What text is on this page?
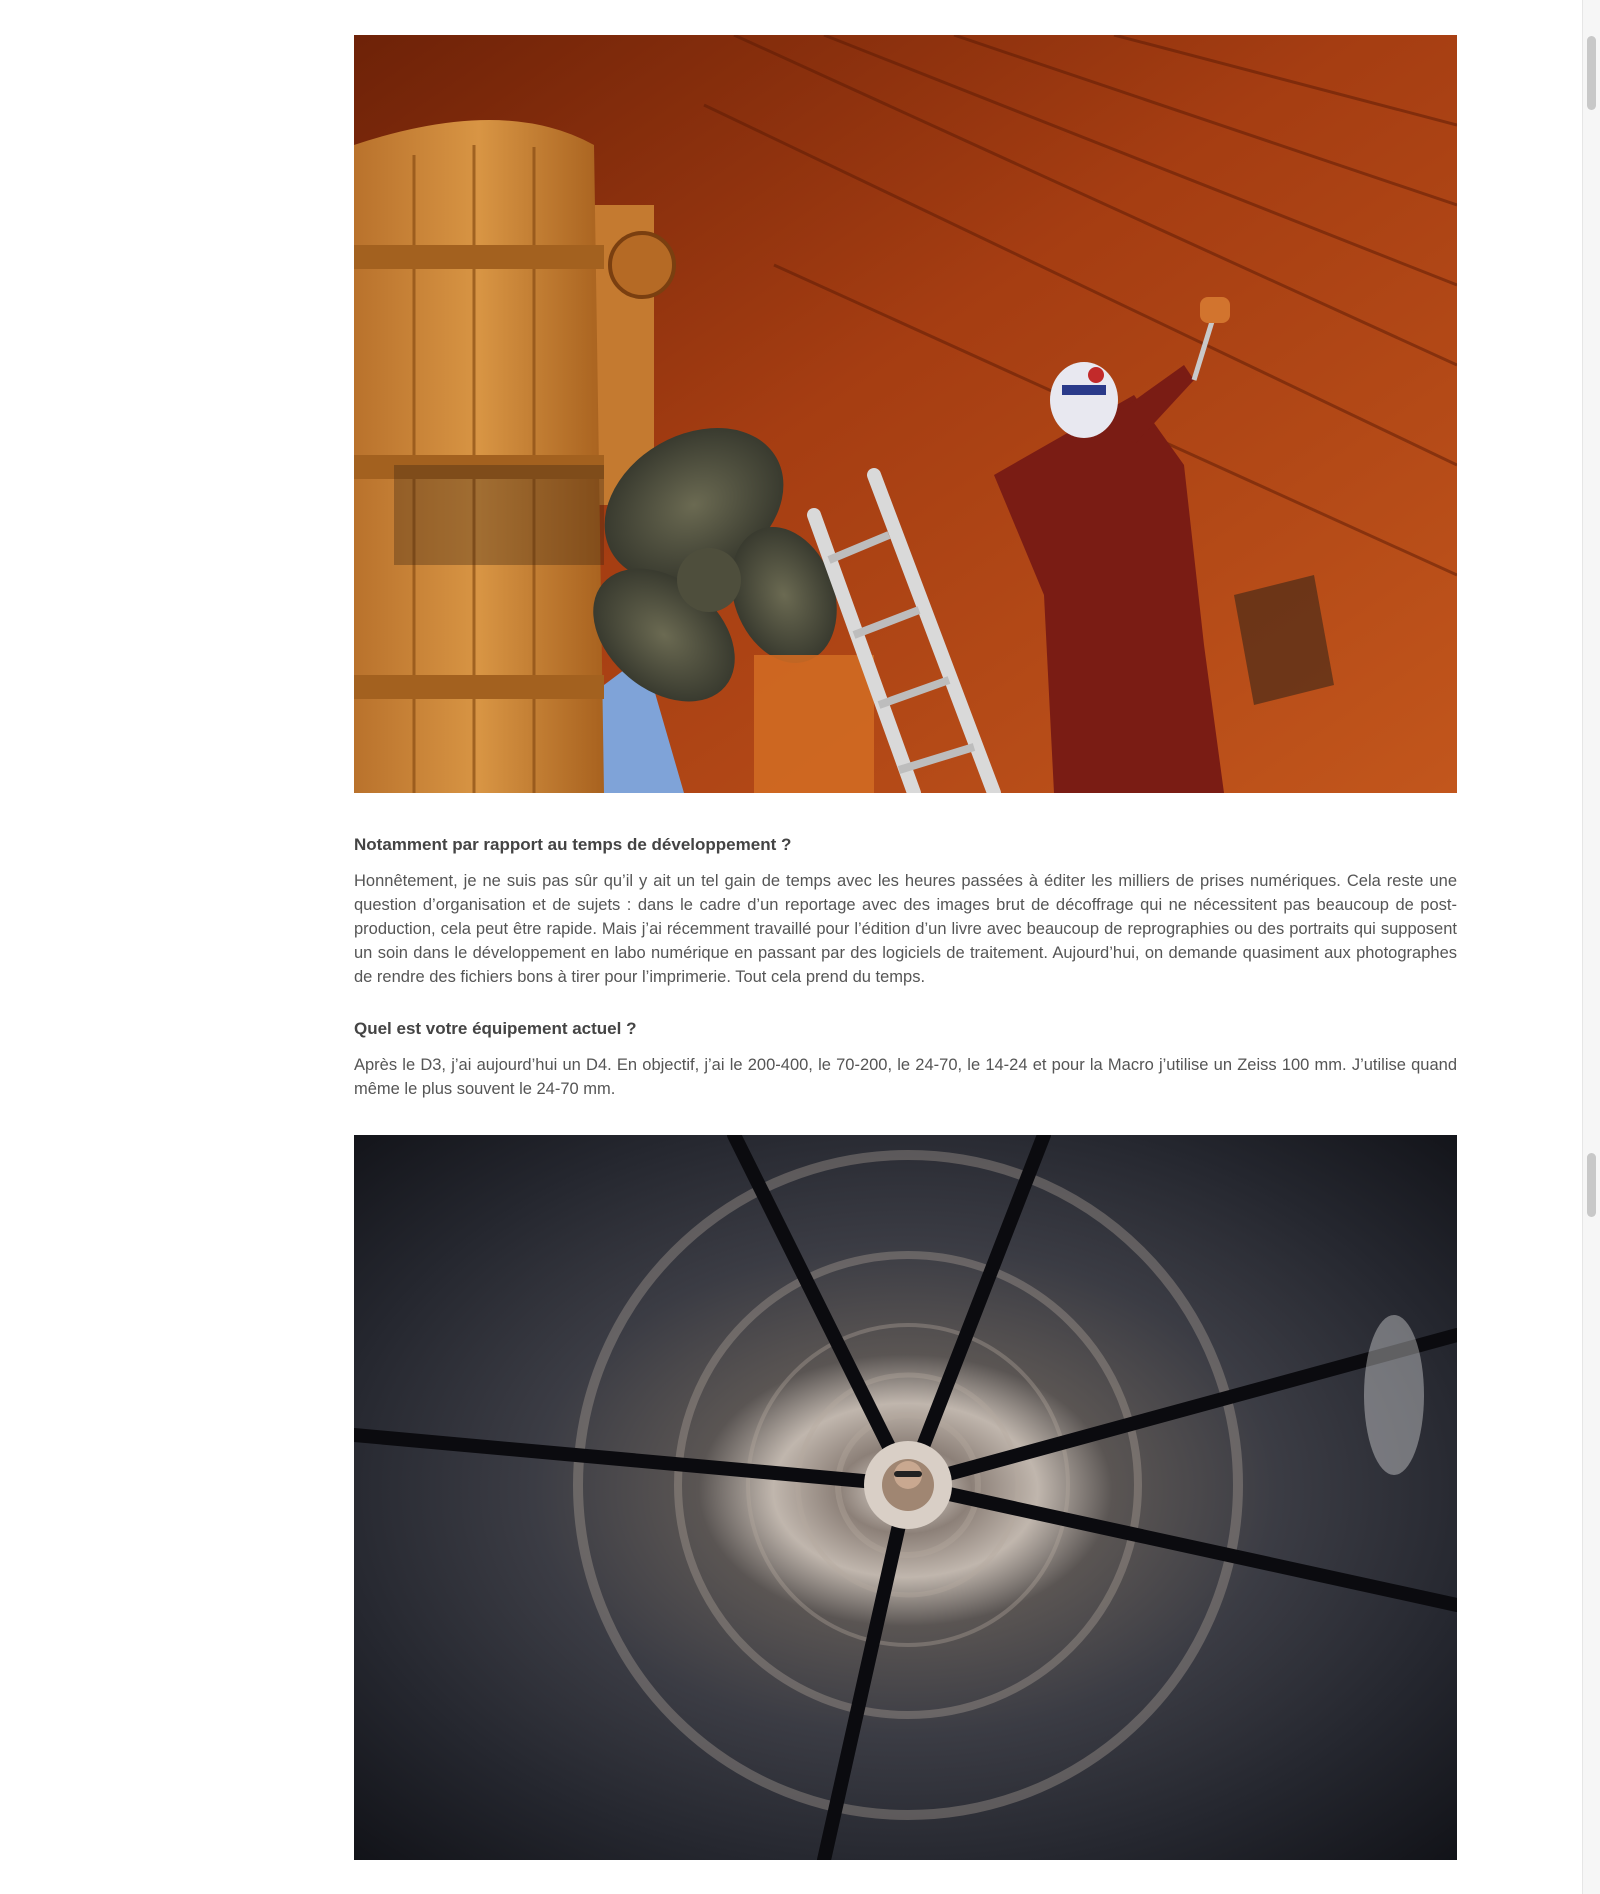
Notamment par rapport au temps de développement ?

Honnêtement, je ne suis pas sûr qu’il y ait un tel gain de temps avec les heures passées à éditer les milliers de prises numériques. Cela reste une question d’organisation et de sujets : dans le cadre d’un reportage avec des images brut de décoffrage qui ne nécessitent pas beaucoup de post-production, cela peut être rapide. Mais j’ai récemment travaillé pour l’édition d’un livre avec beaucoup de reprographies ou des portraits qui supposent un soin dans le développement en labo numérique en passant par des logiciels de traitement. Aujourd’hui, on demande quasiment aux photographes de rendre des fichiers bons à tirer pour l’imprimerie. Tout cela prend du temps.

Quel est votre équipement actuel ?

Après le D3, j’ai aujourd’hui un D4. En objectif, j’ai le 200-400, le 70-200, le 24-70, le 14-24 et pour la Macro j’utilise un Zeiss 100 mm. J’utilise quand même le plus souvent le 24-70 mm.
